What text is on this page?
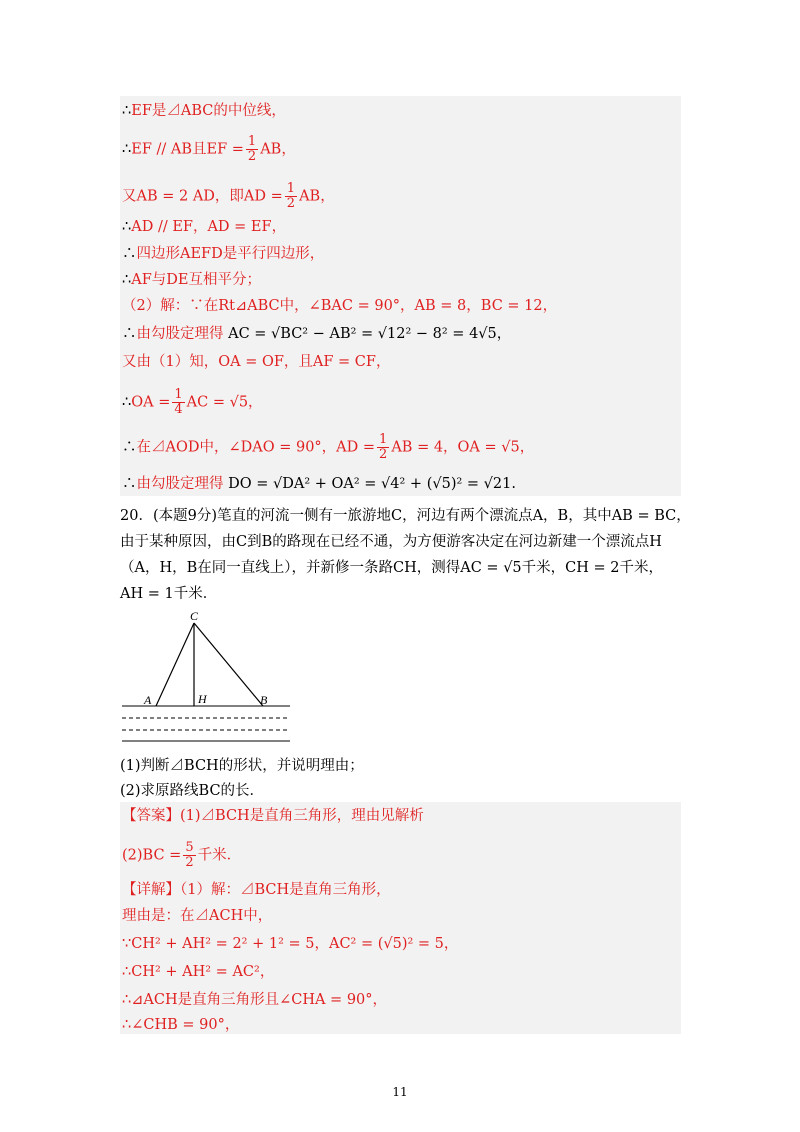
∴EF是⊿ABC的中位线，
∴EF // AB且EF = $\frac{1}{2}$ AB，
又AB = 2 AD，即AD = $\frac{1}{2}$ AB，
∴AD // EF，AD = EF，
∴四边形AEFD是平行四边形，
∴AF与DE互相平分；
（2）解：∵在Rt⊿ABC中，∠BAC = 90°，AB = 8，BC = 12，
∴由勾股定理得 AC = √BC² − AB² = √12² − 8² = 4√5，
又由（1）知，OA = OF，且AF = CF，
∴OA = $\frac{1}{4}$ AC = √5，
∴在⊿AOD中，∠DAO = 90°，AD = $\frac{1}{2}$ AB = 4，OA = √5，
∴由勾股定理得 DO = √DA² + OA² = √4² + (√5)² = √21.
20．(本题9分)笔直的河流一侧有一旅游地C，河边有两个漂流点A，B，其中AB = BC，
由于某种原因，由C到B的路现在已经不通，为方便游客决定在河边新建一个漂流点H
（A，H，B在同一直线上），并新修一条路CH，测得AC = √5千米，CH = 2千米，
AH = 1千米．
C
A	H	B
(1)判断⊿BCH的形状，并说明理由；
(2)求原路线BC的长．
【答案】(1)⊿BCH是直角三角形，理由见解析
$(2)BC = \frac{5}{2}$ 千米．
【详解】（1）解：⊿BCH是直角三角形，
理由是：在⊿ACH中，
∵CH² + AH² = 2² + 1² = 5，AC² = (√5)² = 5，
∴CH² + AH² = AC²，
∴⊿ACH是直角三角形且∠CHA = 90°，
∴∠CHB = 90°，
11
